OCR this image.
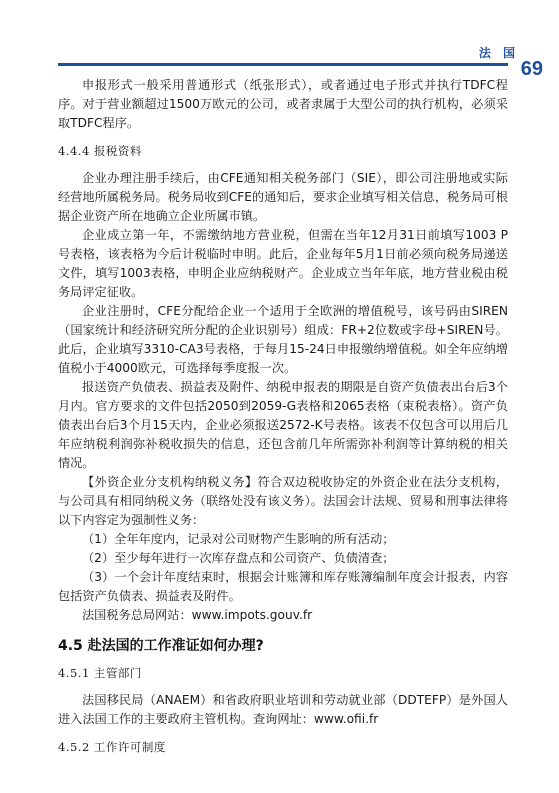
法 国
69

申报形式一般采用普通形式（纸张形式），或者通过电子形式并执行TDFC程序。对于营业额超过1500万欧元的公司，或者隶属于大型公司的执行机构，必须采取TDFC程序。

4.4.4 报税资料

企业办理注册手续后，由CFE通知相关税务部门（SIE），即公司注册地或实际经营地所属税务局。税务局收到CFE的通知后，要求企业填写相关信息，税务局可根据企业资产所在地确立企业所属市镇。

企业成立第一年，不需缴纳地方营业税，但需在当年12月31日前填写1003 P号表格，该表格为今后计税临时申明。此后，企业每年5月1日前必须向税务局递送文件，填写1003表格，申明企业应纳税财产。企业成立当年年底，地方营业税由税务局评定征收。

企业注册时，CFE分配给企业一个适用于全欧洲的增值税号，该号码由SIREN（国家统计和经济研究所分配的企业识别号）组成：FR+2位数或字母+SIREN号。此后，企业填写3310-CA3号表格，于每月15-24日申报缴纳增值税。如全年应纳增值税小于4000欧元，可选择每季度报一次。

报送资产负债表、损益表及附件、纳税申报表的期限是自资产负债表出台后3个月内。官方要求的文件包括2050到2059-G表格和2065表格（束税表格）。资产负债表出台后3个月15天内，企业必须报送2572-K号表格。该表不仅包含可以用后几年应纳税利润弥补税收损失的信息，还包含前几年所需弥补利润等计算纳税的相关情况。

【外资企业分支机构纳税义务】符合双边税收协定的外资企业在法分支机构，与公司具有相同纳税义务（联络处没有该义务）。法国会计法规、贸易和刑事法律将以下内容定为强制性义务：

（1）全年年度内，记录对公司财物产生影响的所有活动；

（2）至少每年进行一次库存盘点和公司资产、负债清查；

（3）一个会计年度结束时，根据会计账簿和库存账簿编制年度会计报表，内容包括资产负债表、损益表及附件。

法国税务总局网站：www.impots.gouv.fr

4.5 赴法国的工作准证如何办理?
4.5.1 主管部门

法国移民局（ANAEM）和省政府职业培训和劳动就业部（DDTEFP）是外国人进入法国工作的主要政府主管机构。查询网址：www.ofii.fr

4.5.2 工作许可制度
